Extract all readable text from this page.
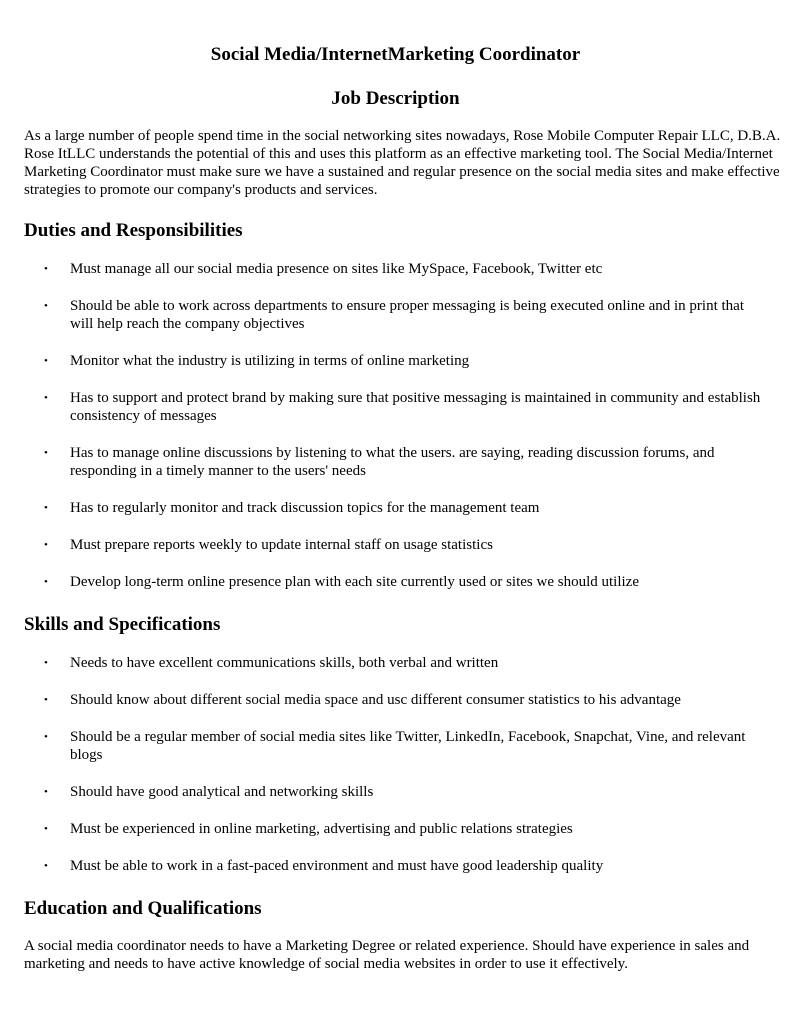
Social Media/InternetMarketing Coordinator
Job Description

As a large number of people spend time in the social networking sites nowadays, Rose Mobile Computer Repair LLC, D.B.A. Rose ItLLC understands the potential of this and uses this platform as an effective marketing tool. The Social Media/Internet Marketing Coordinator must make sure we have a sustained and regular presence on the social media sites and make effective strategies to promote our company's products and services.

Duties and Responsibilities
• Must manage all our social media presence on sites like MySpace, Facebook, Twitter etc
• Should be able to work across departments to ensure proper messaging is being executed online and in print that will help reach the company objectives
• Monitor what the industry is utilizing in terms of online marketing
• Has to support and protect brand by making sure that positive messaging is maintained in community and establish consistency of messages
• Has to manage online discussions by listening to what the users. are saying, reading discussion forums, and responding in a timely manner to the users' needs
• Has to regularly monitor and track discussion topics for the management team
• Must prepare reports weekly to update internal staff on usage statistics
• Develop long-term online presence plan with each site currently used or sites we should utilize
Skills and Specifications
• Needs to have excellent communications skills, both verbal and written
• Should know about different social media space and usc different consumer statistics to his advantage
• Should be a regular member of social media sites like Twitter, LinkedIn, Facebook, Snapchat, Vine, and relevant blogs
• Should have good analytical and networking skills
• Must be experienced in online marketing, advertising and public relations strategies
• Must be able to work in a fast-paced environment and must have good leadership quality
Education and Qualifications

A social media coordinator needs to have a Marketing Degree or related experience. Should have experience in sales and marketing and needs to have active knowledge of social media websites in order to use it effectively.
